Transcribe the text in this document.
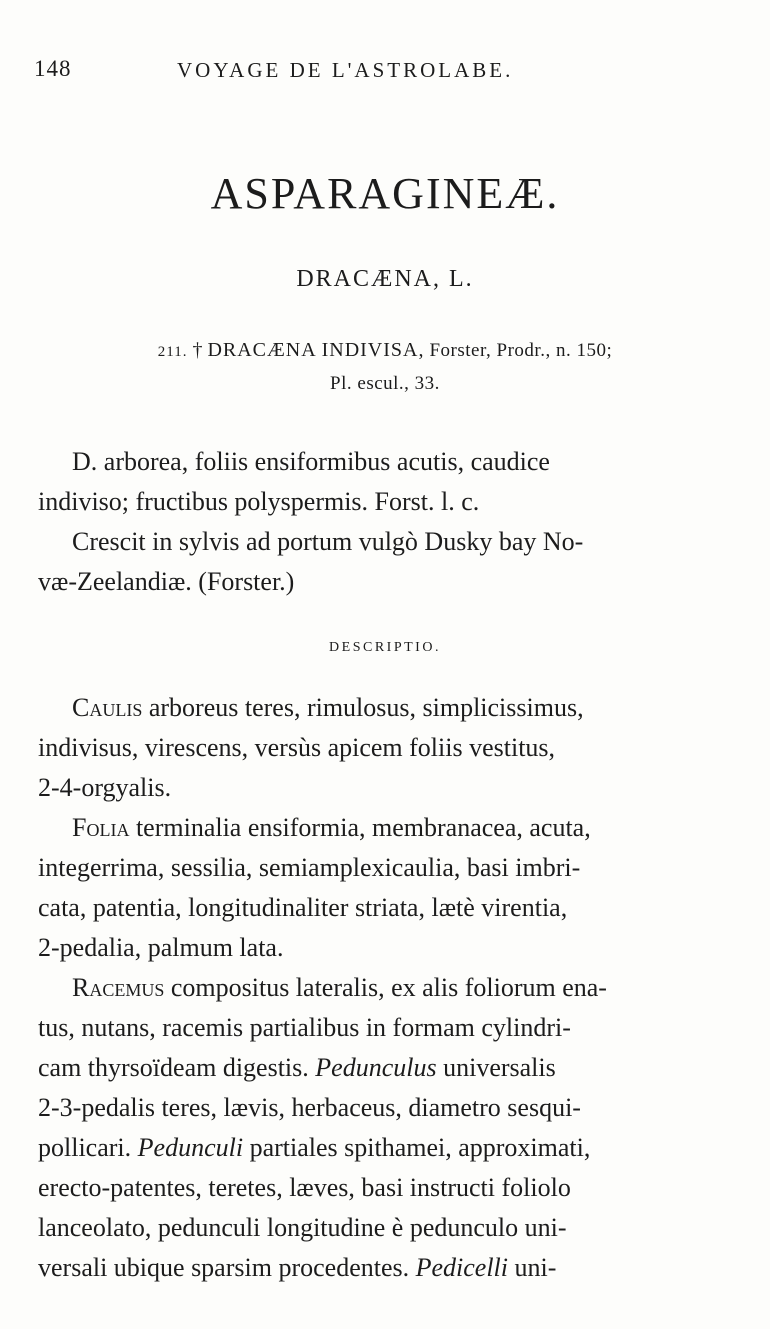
148	VOYAGE DE L'ASTROLABE.
ASPARAGINEÆ.
DRACÆNA, L.
211. † DRACÆNA INDIVISA, Forster, Prodr., n. 150;
Pl. escul., 33.

D. arborea, foliis ensiformibus acutis, caudice
indiviso; fructibus polyspermis. Forst. l. c.

Crescit in sylvis ad portum vulgò Dusky bay No-
væ-Zeelandiæ. (Forster.)

DESCRIPTIO.

Caulis arboreus teres, rimulosus, simplicissimus,
indivisus, virescens, versùs apicem foliis vestitus,
2-4-orgyalis.

Folia terminalia ensiformia, membranacea, acuta,
integerrima, sessilia, semiamplexicaulia, basi imbri-
cata, patentia, longitudinaliter striata, lætè virentia,
2-pedalia, palmum lata.

Racemus compositus lateralis, ex alis foliorum ena-
tus, nutans, racemis partialibus in formam cylindri-
cam thyrsoïdeam digestis. Pedunculus universalis
2-3-pedalis teres, lævis, herbaceus, diametro sesqui-
pollicari. Pedunculi partiales spithamei, approximati,
erecto-patentes, teretes, læves, basi instructi foliolo
lanceolato, pedunculi longitudine è pedunculo uni-
versali ubique sparsim procedentes. Pedicelli uni-
